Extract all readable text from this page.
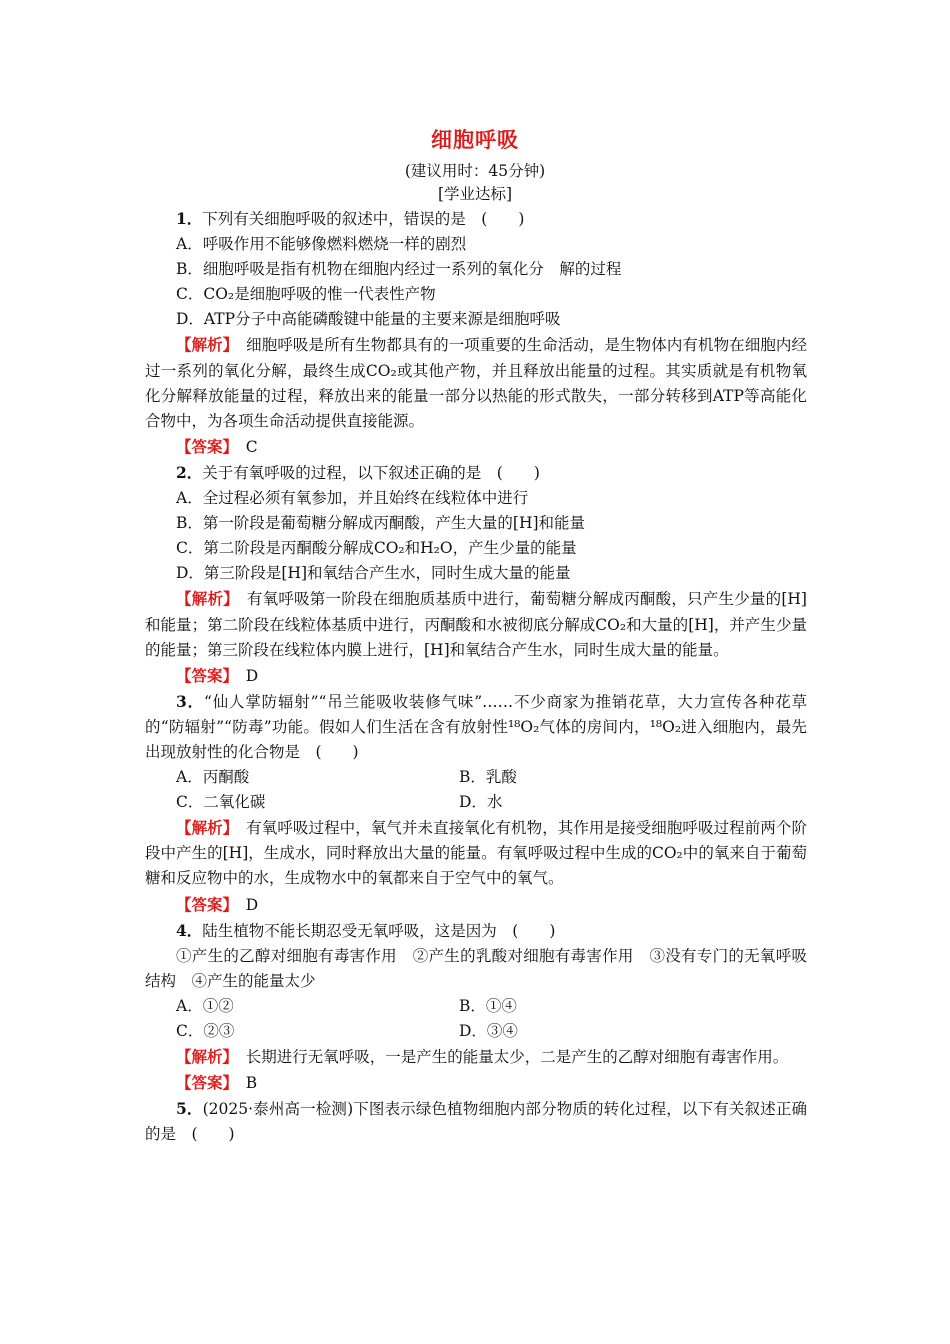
细胞呼吸
(建议用时：45分钟)
[学业达标]

1．下列有关细胞呼吸的叙述中，错误的是　(　　)

A．呼吸作用不能够像燃料燃烧一样的剧烈

B．细胞呼吸是指有机物在细胞内经过一系列的氧化分　解的过程

C．CO₂是细胞呼吸的惟一代表性产物

D．ATP分子中高能磷酸键中能量的主要来源是细胞呼吸

【解析】　 细胞呼吸是所有生物都具有的一项重要的生命活动，是生物体内有机物在细胞内经过一系列的氧化分解，最终生成CO₂或其他产物，并且释放出能量的过程。其实质就是有机物氧化分解释放能量的过程，释放出来的能量一部分以热能的形式散失，一部分转移到ATP等高能化合物中，为各项生命活动提供直接能源。

【答案】　 C

2．关于有氧呼吸的过程，以下叙述正确的是　(　　)

A．全过程必须有氧参加，并且始终在线粒体中进行

B．第一阶段是葡萄糖分解成丙酮酸，产生大量的[H]和能量

C．第二阶段是丙酮酸分解成CO₂和H₂O，产生少量的能量

D．第三阶段是[H]和氧结合产生水，同时生成大量的能量

【解析】　 有氧呼吸第一阶段在细胞质基质中进行，葡萄糖分解成丙酮酸，只产生少量的[H]和能量；第二阶段在线粒体基质中进行，丙酮酸和水被彻底分解成CO₂和大量的[H]，并产生少量的能量；第三阶段在线粒体内膜上进行，[H]和氧结合产生水，同时生成大量的能量。

【答案】　 D

3．“仙人掌防辐射”“吊兰能吸收装修气味”……不少商家为推销花草，大力宣传各种花草的“防辐射”“防毒”功能。假如人们生活在含有放射性¹⁸O₂气体的房间内，¹⁸O₂进入细胞内，最先出现放射性的化合物是　(　　)

A．丙酮酸	B．乳酸
C．二氧化碳	D．水

【解析】　 有氧呼吸过程中，氧气并未直接氧化有机物，其作用是接受细胞呼吸过程前两个阶段中产生的[H]，生成水，同时释放出大量的能量。有氧呼吸过程中生成的CO₂中的氧来自于葡萄糖和反应物中的水，生成物水中的氧都来自于空气中的氧气。

【答案】　 D

4．陆生植物不能长期忍受无氧呼吸，这是因为　(　　)

①产生的乙醇对细胞有毒害作用　②产生的乳酸对细胞有毒害作用　③没有专门的无氧呼吸结构　④产生的能量太少

A．①②	B．①④
C．②③	D．③④

【解析】　 长期进行无氧呼吸，一是产生的能量太少，二是产生的乙醇对细胞有毒害作用。

【答案】　 B

5．(2025·泰州高一检测)下图表示绿色植物细胞内部分物质的转化过程，以下有关叙述正确的是　(　　)
